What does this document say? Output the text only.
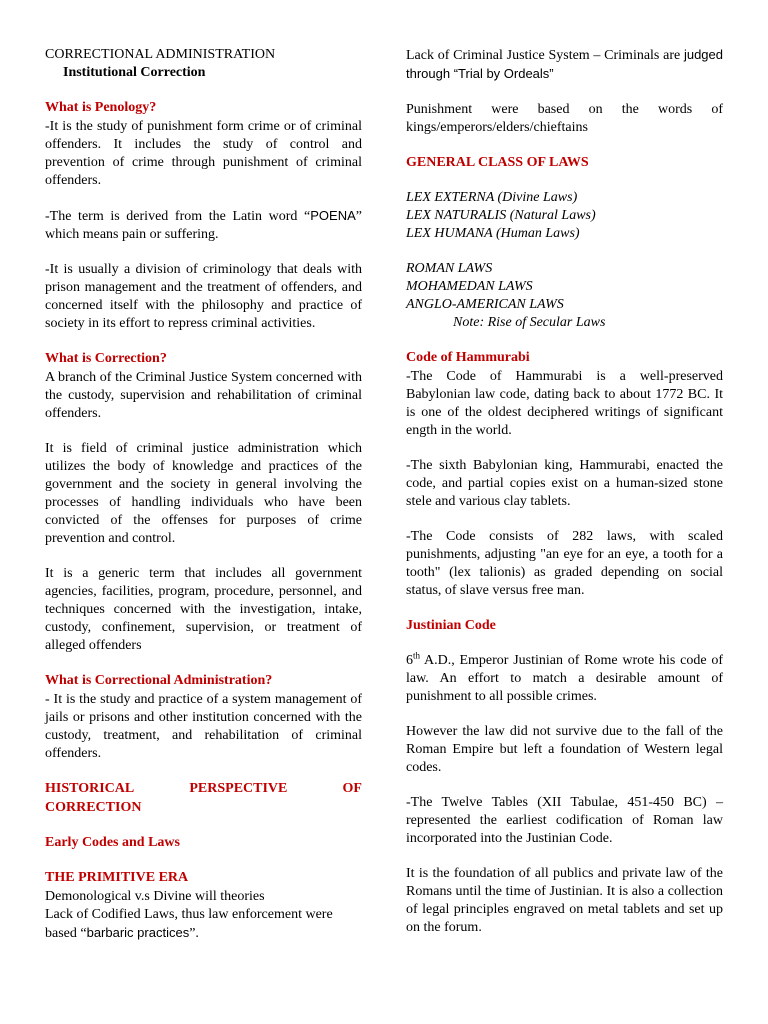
CORRECTIONAL ADMINISTRATION
Institutional Correction
What is Penology?

-It is the study of punishment form crime or of criminal offenders. It includes the study of control and prevention of crime through punishment of criminal offenders.

-The term is derived from the Latin word “POENA” which means pain or suffering.

-It is usually a division of criminology that deals with prison management and the treatment of offenders, and concerned itself with the philosophy and practice of society in its effort to repress criminal activities.

What is Correction?

A branch of the Criminal Justice System concerned with the custody, supervision and rehabilitation of criminal offenders.

It is field of criminal justice administration which utilizes the body of knowledge and practices of the government and the society in general involving the processes of handling individuals who have been convicted of the offenses for purposes of crime prevention and control.

It is a generic term that includes all government agencies, facilities, program, procedure, personnel, and techniques concerned with the investigation, intake, custody, confinement, supervision, or treatment of alleged offenders

What is Correctional Administration?

- It is the study and practice of a system management of jails or prisons and other institution concerned with the custody, treatment, and rehabilitation of criminal offenders.

HISTORICAL	PERSPECTIVE	OF
CORRECTION
Early Codes and Laws
THE PRIMITIVE ERA
Demonological v.s Divine will theories
Lack of Codified Laws, thus law enforcement were
based “barbaric practices”.

Lack of Criminal Justice System – Criminals are judged through “Trial by Ordeals”

Punishment were based on the words of kings/emperors/elders/chieftains

GENERAL CLASS OF LAWS
LEX EXTERNA (Divine Laws)
LEX NATURALIS (Natural Laws)
LEX HUMANA (Human Laws)
ROMAN LAWS
MOHAMEDAN LAWS
ANGLO-AMERICAN LAWS
Note: Rise of Secular Laws
Code of Hammurabi

-The Code of Hammurabi is a well-preserved Babylonian law code, dating back to about 1772 BC. It is one of the oldest deciphered writings of significant ength in the world.

-The sixth Babylonian king, Hammurabi, enacted the code, and partial copies exist on a human-sized stone stele and various clay tablets.

-The Code consists of 282 laws, with scaled punishments, adjusting "an eye for an eye, a tooth for a tooth" (lex talionis) as graded depending on social status, of slave versus free man.

Justinian Code

6th A.D., Emperor Justinian of Rome wrote his code of law. An effort to match a desirable amount of punishment to all possible crimes.

However the law did not survive due to the fall of the Roman Empire but left a foundation of Western legal codes.

-The Twelve Tables (XII Tabulae, 451-450 BC) – represented the earliest codification of Roman law incorporated into the Justinian Code.

It is the foundation of all publics and private law of the Romans until the time of Justinian. It is also a collection of legal principles engraved on metal tablets and set up on the forum.
